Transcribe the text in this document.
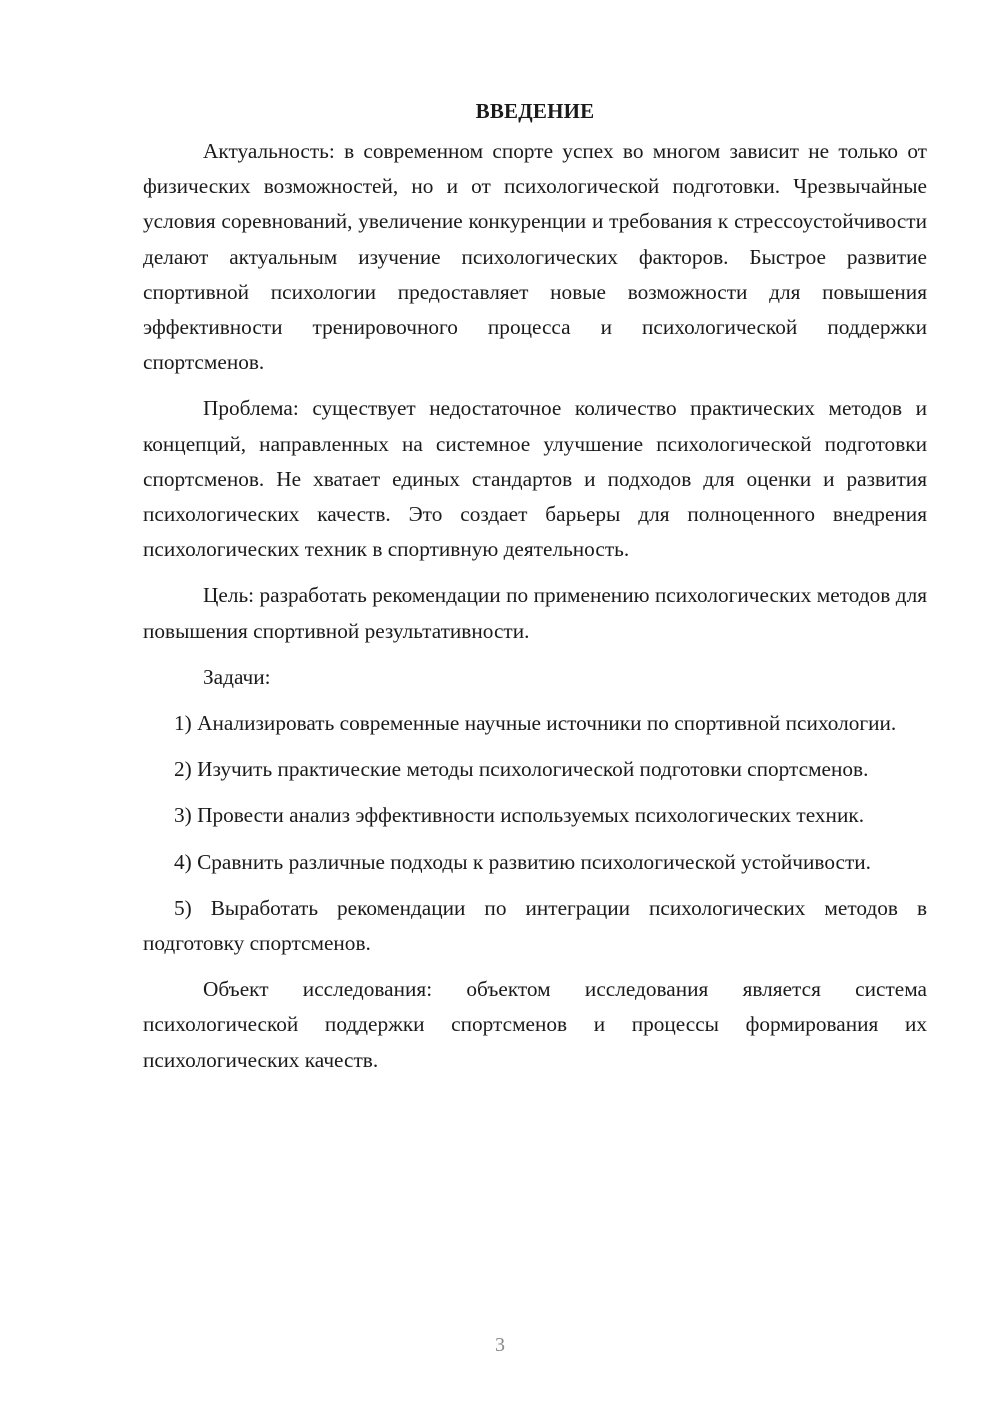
ВВЕДЕНИЕ

Актуальность: в современном спорте успех во многом зависит не только от физических возможностей, но и от психологической подготовки. Чрезвычайные условия соревнований, увеличение конкуренции и требования к стрессоустойчивости делают актуальным изучение психологических факторов. Быстрое развитие спортивной психологии предоставляет новые возможности для повышения эффективности тренировочного процесса и психологической поддержки спортсменов.

Проблема: существует недостаточное количество практических методов и концепций, направленных на системное улучшение психологической подготовки спортсменов. Не хватает единых стандартов и подходов для оценки и развития психологических качеств. Это создает барьеры для полноценного внедрения психологических техник в спортивную деятельность.

Цель: разработать рекомендации по применению психологических методов для повышения спортивной результативности.

Задачи:

1) Анализировать современные научные источники по спортивной психологии.

2) Изучить практические методы психологической подготовки спортсменов.

3) Провести анализ эффективности используемых психологических техник.

4) Сравнить различные подходы к развитию психологической устойчивости.

5) Выработать рекомендации по интеграции психологических методов в подготовку спортсменов.

Объект исследования: объектом исследования является система психологической поддержки спортсменов и процессы формирования их психологических качеств.

3
